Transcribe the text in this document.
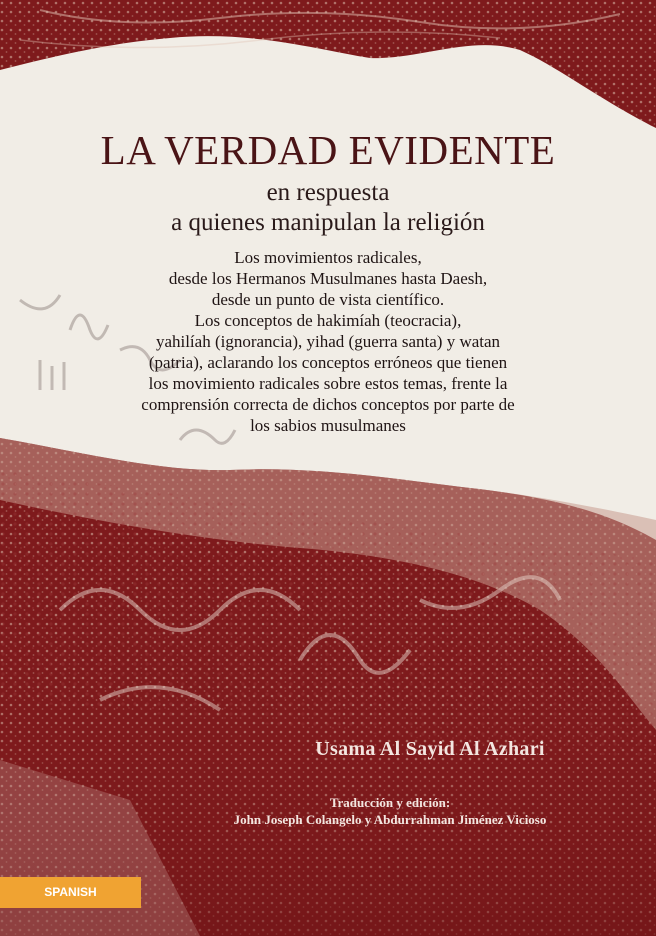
LA VERDAD EVIDENTE
en respuesta
a quienes manipulan la religión
Los movimientos radicales,
desde los Hermanos Musulmanes hasta Daesh,
desde un punto de vista científico.
Los conceptos de hakimíah (teocracia),
yahilíah (ignorancia), yihad (guerra santa) y watan
(patria), aclarando los conceptos erróneos que tienen
los movimiento radicales sobre estos temas, frente la
comprensión correcta de dichos conceptos por parte de
los sabios musulmanes
Usama Al Sayid Al Azhari
Traducción y edición:
John Joseph Colangelo y Abdurrahman Jiménez Vicioso
SPANISH
